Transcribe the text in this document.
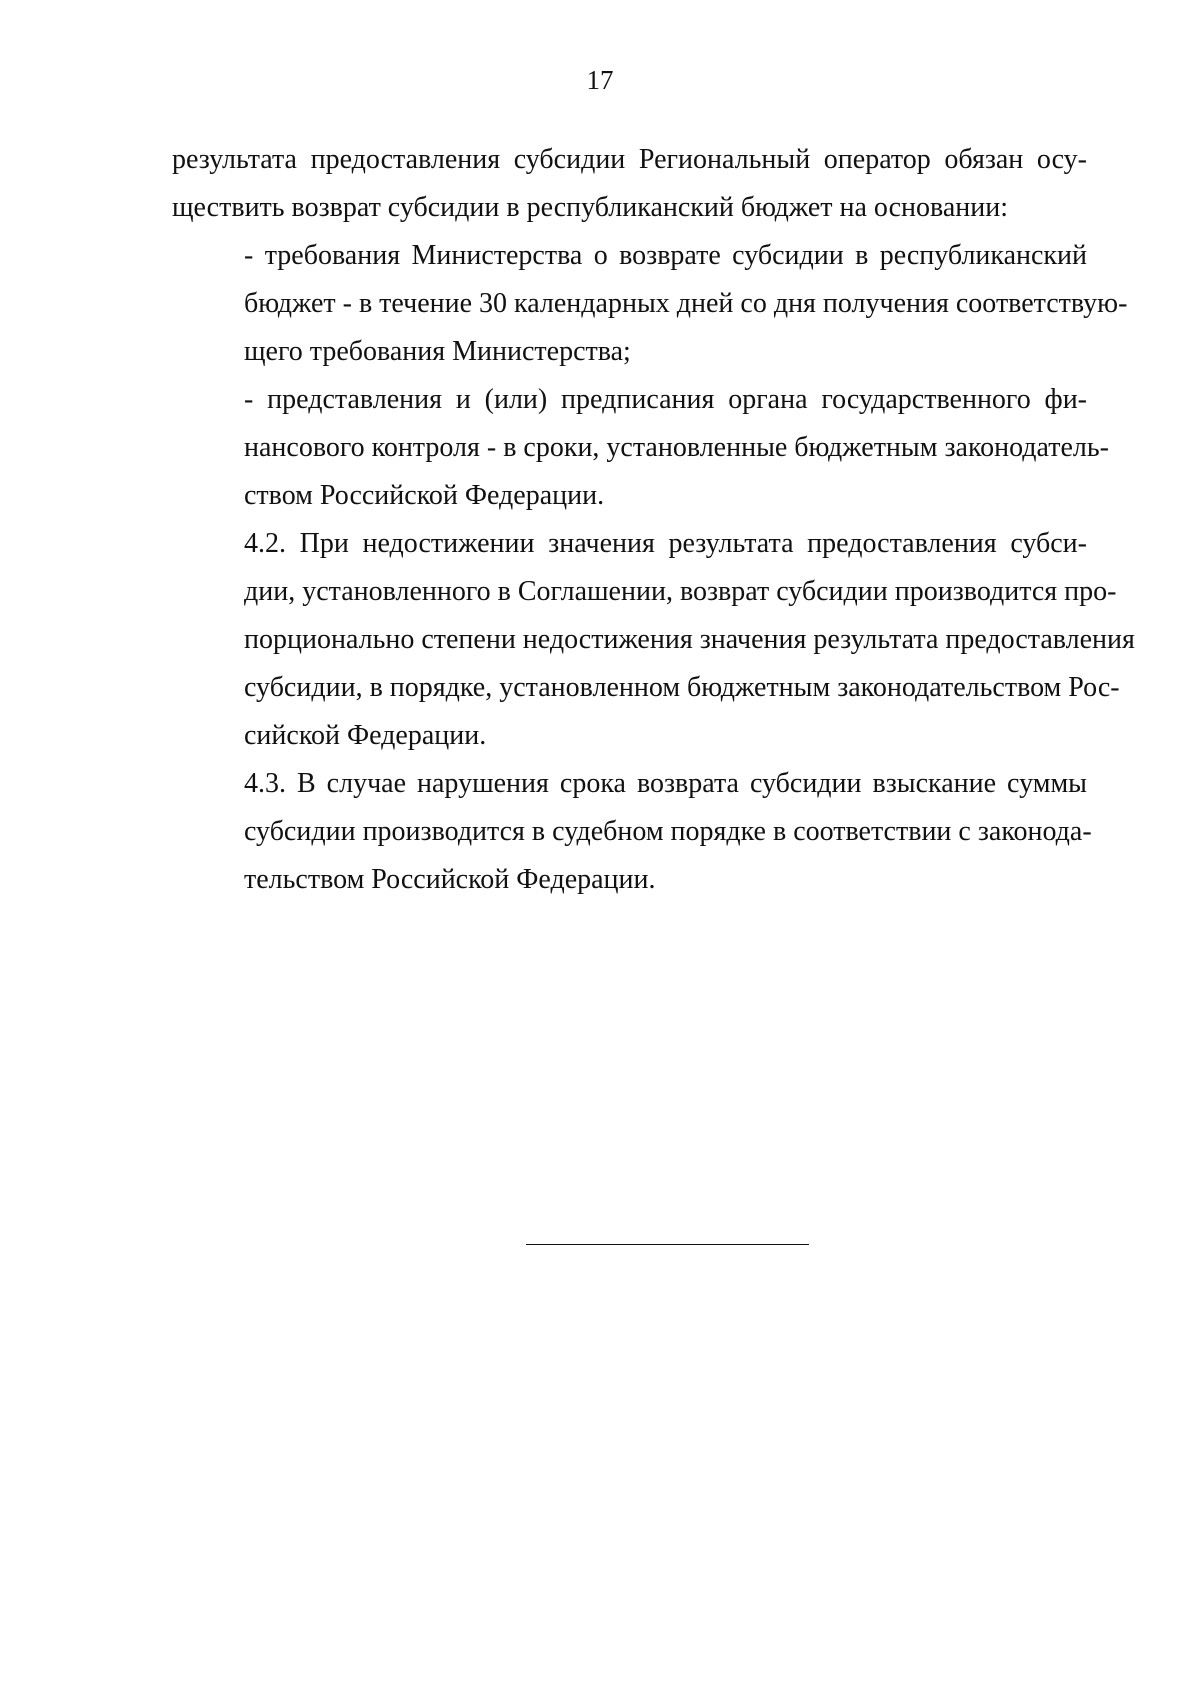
17

результата предоставления субсидии Региональный оператор обязан осу-
ществить возврат субсидии в республиканский бюджет на основании:

- требования Министерства о возврате субсидии в республиканский
бюджет - в течение 30 календарных дней со дня получения соответствую-
щего требования Министерства;

- представления и (или) предписания органа государственного фи-
нансового контроля - в сроки, установленные бюджетным законодатель-
ством Российской Федерации.

4.2. При недостижении значения результата предоставления субси-
дии, установленного в Соглашении, возврат субсидии производится про-
порционально степени недостижения значения результата предоставления
субсидии, в порядке, установленном бюджетным законодательством Рос-
сийской Федерации.

4.3. В случае нарушения срока возврата субсидии взыскание суммы
субсидии производится в судебном порядке в соответствии с законода-
тельством Российской Федерации.
